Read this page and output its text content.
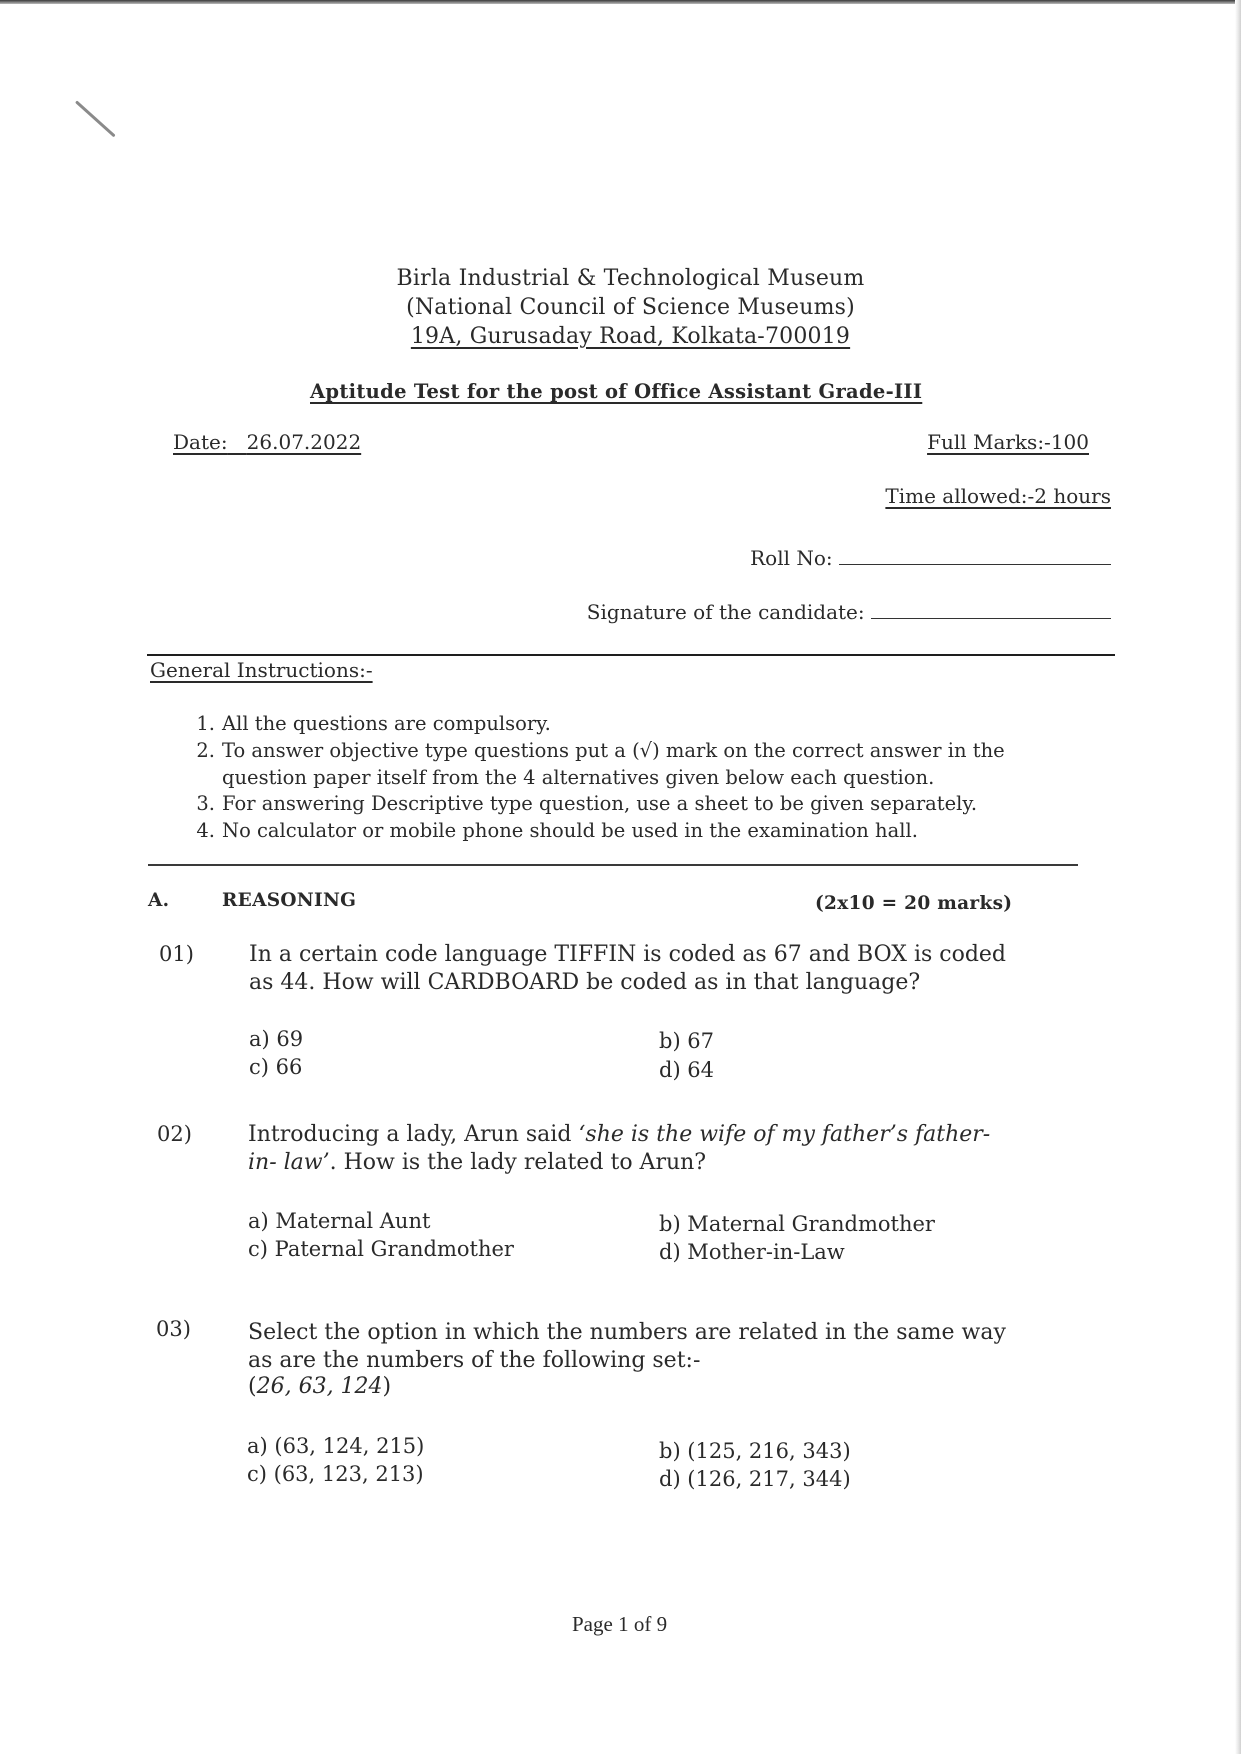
Birla Industrial & Technological Museum
(National Council of Science Museums)
19A, Gurusaday Road, Kolkata-700019
Aptitude Test for the post of Office Assistant Grade-III
Date: 26.07.2022	Full Marks:-100
Time allowed:-2 hours
Roll No:
Signature of the candidate:
General Instructions:-
1. All the questions are compulsory.
2. To answer objective type questions put a (√) mark on the correct answer in the
question paper itself from the 4 alternatives given below each question.
3. For answering Descriptive type question, use a sheet to be given separately.
4. No calculator or mobile phone should be used in the examination hall.
A.	REASONING	(2x10 = 20 marks)
01)	In a certain code language TIFFIN is coded as 67 and BOX is coded
as 44. How will CARDBOARD be coded as in that language?
a) 69	b) 67
c) 66	d) 64
02)	Introducing a lady, Arun said ‘she is the wife of my father’s father-
in- law’. How is the lady related to Arun?
a) Maternal Aunt	b) Maternal Grandmother
c) Paternal Grandmother	d) Mother-in-Law
03)	Select the option in which the numbers are related in the same way
as are the numbers of the following set:-
(26, 63, 124)
a) (63, 124, 215)	b) (125, 216, 343)
c) (63, 123, 213)	d) (126, 217, 344)
Page 1 of 9
